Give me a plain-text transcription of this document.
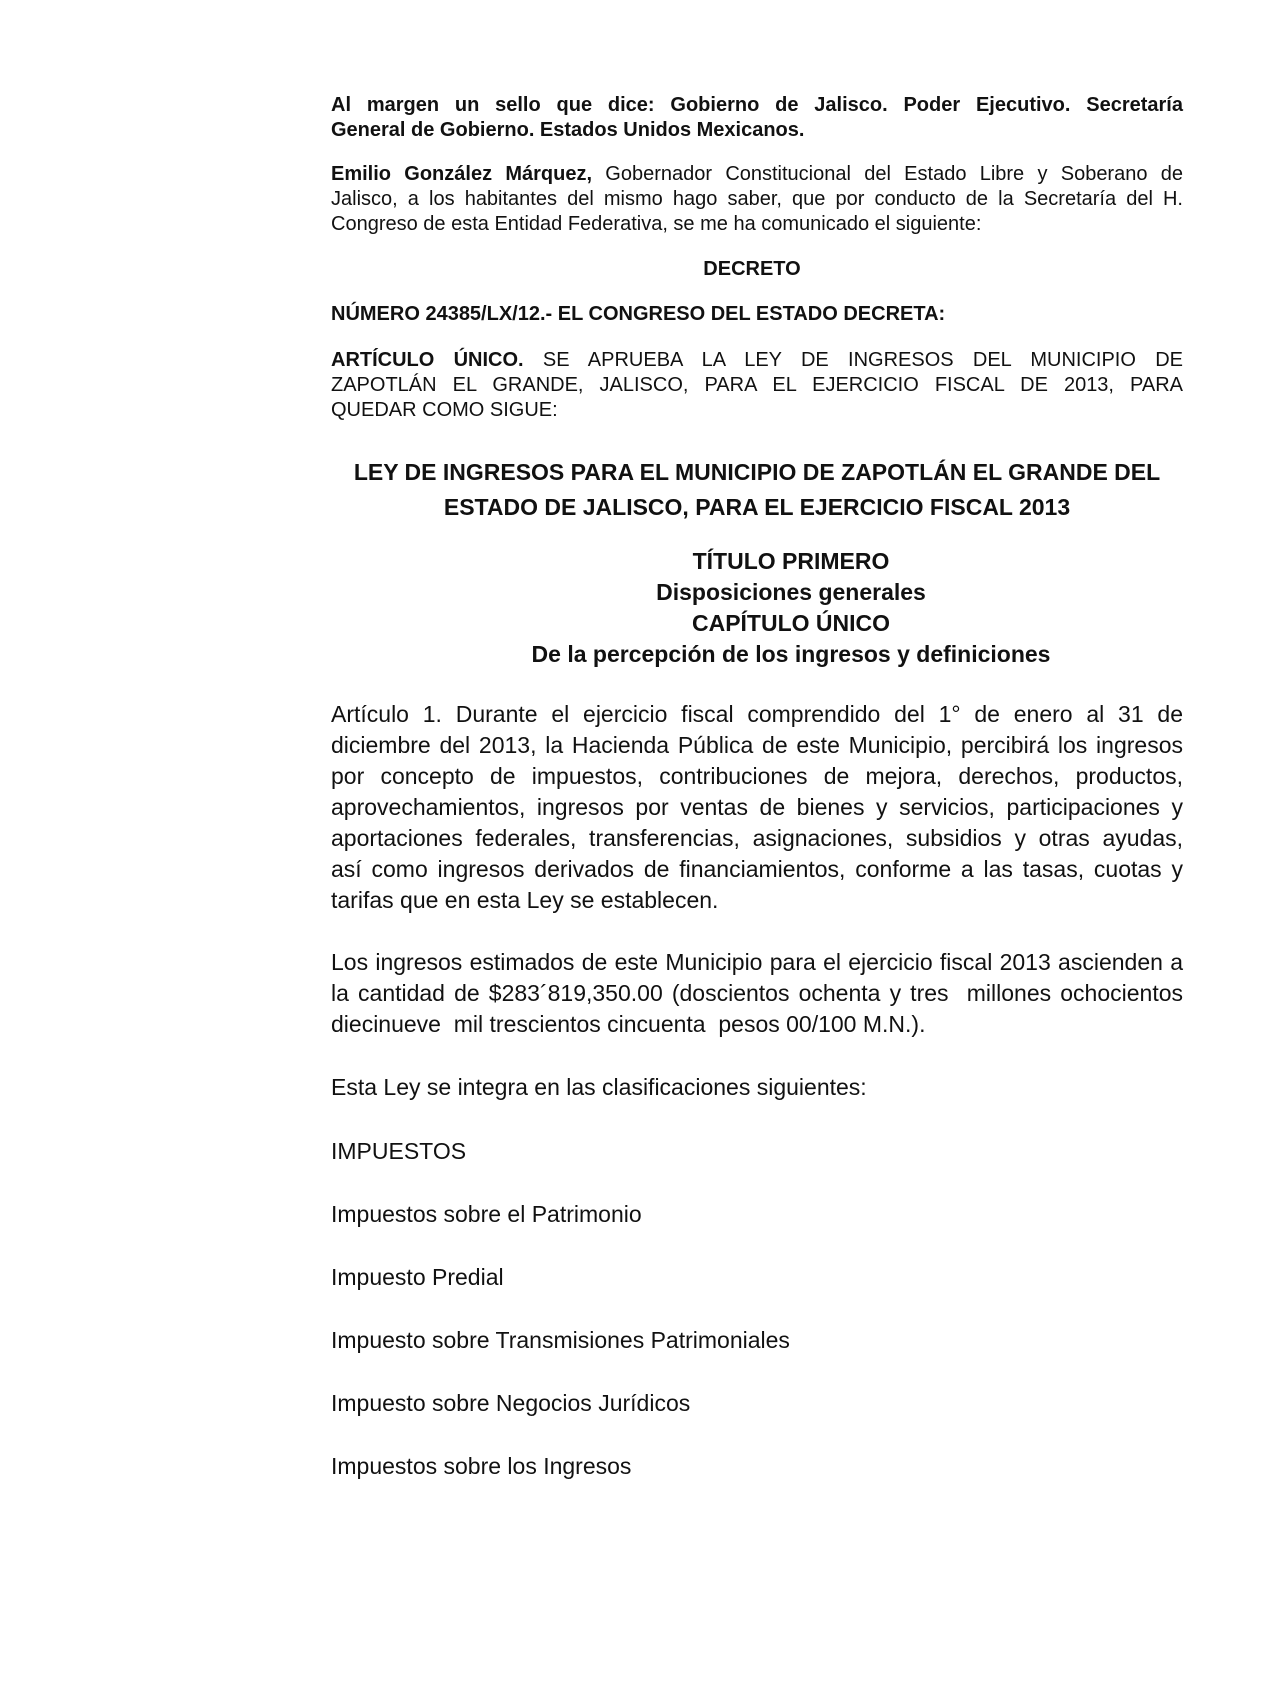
Al margen un sello que dice: Gobierno de Jalisco. Poder Ejecutivo. Secretaría
General de Gobierno. Estados Unidos Mexicanos.
Emilio González Márquez, Gobernador Constitucional del Estado Libre y Soberano de
Jalisco, a los habitantes del mismo hago saber, que por conducto de la Secretaría del H.
Congreso de esta Entidad Federativa, se me ha comunicado el siguiente:
DECRETO
NÚMERO 24385/LX/12.- EL CONGRESO DEL ESTADO DECRETA:
ARTÍCULO ÚNICO. SE APRUEBA LA LEY DE INGRESOS DEL MUNICIPIO DE
ZAPOTLÁN EL GRANDE, JALISCO, PARA EL EJERCICIO FISCAL DE 2013, PARA
QUEDAR COMO SIGUE:
LEY DE INGRESOS PARA EL MUNICIPIO DE ZAPOTLÁN EL GRANDE DEL
ESTADO DE JALISCO, PARA EL EJERCICIO FISCAL 2013
TÍTULO PRIMERO
Disposiciones generales
CAPÍTULO ÚNICO
De la percepción de los ingresos y definiciones
Artículo 1. Durante el ejercicio fiscal comprendido del 1° de enero al 31 de
diciembre del 2013, la Hacienda Pública de este Municipio, percibirá los ingresos
por concepto de impuestos, contribuciones de mejora, derechos, productos,
aprovechamientos, ingresos por ventas de bienes y servicios, participaciones y
aportaciones federales, transferencias, asignaciones, subsidios y otras ayudas,
así como ingresos derivados de financiamientos, conforme a las tasas, cuotas y
tarifas que en esta Ley se establecen.
Los ingresos estimados de este Municipio para el ejercicio fiscal 2013 ascienden a
la cantidad de $283´819,350.00 (doscientos ochenta y tres  millones ochocientos
diecinueve  mil trescientos cincuenta  pesos 00/100 M.N.).
Esta Ley se integra en las clasificaciones siguientes:
IMPUESTOS
Impuestos sobre el Patrimonio
Impuesto Predial
Impuesto sobre Transmisiones Patrimoniales
Impuesto sobre Negocios Jurídicos
Impuestos sobre los Ingresos
